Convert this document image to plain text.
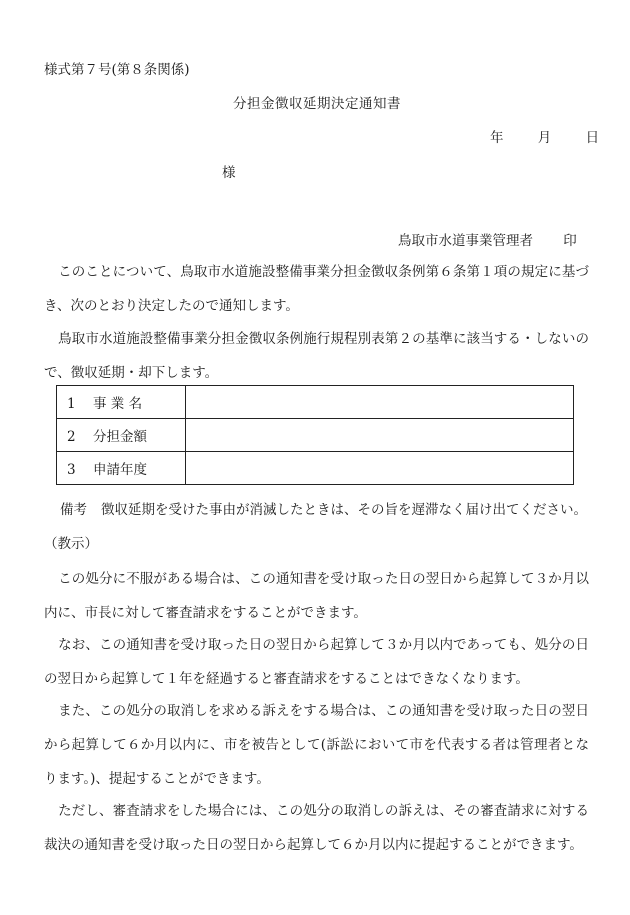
様式第７号(第８条関係)
分担金徴収延期決定通知書
年	月	日
様
鳥取市水道事業管理者 印
このことについて、鳥取市水道施設整備事業分担金徴収条例第６条第１項の規定に基づき、次のとおり決定したので通知します。
鳥取市水道施設整備事業分担金徴収条例施行規程別表第２の基準に該当する・しないので、徴収延期・却下します。
1 事 業 名	
2 分担金額	
3 申請年度	
備考 徴収延期を受けた事由が消滅したときは、その旨を遅滞なく届け出てください。
（教示）
この処分に不服がある場合は、この通知書を受け取った日の翌日から起算して３か月以内に、市長に対して審査請求をすることができます。
なお、この通知書を受け取った日の翌日から起算して３か月以内であっても、処分の日の翌日から起算して１年を経過すると審査請求をすることはできなくなります。
また、この処分の取消しを求める訴えをする場合は、この通知書を受け取った日の翌日から起算して６か月以内に、市を被告として(訴訟において市を代表する者は管理者となります。)、提起することができます。
ただし、審査請求をした場合には、この処分の取消しの訴えは、その審査請求に対する裁決の通知書を受け取った日の翌日から起算して６か月以内に提起することができます。
